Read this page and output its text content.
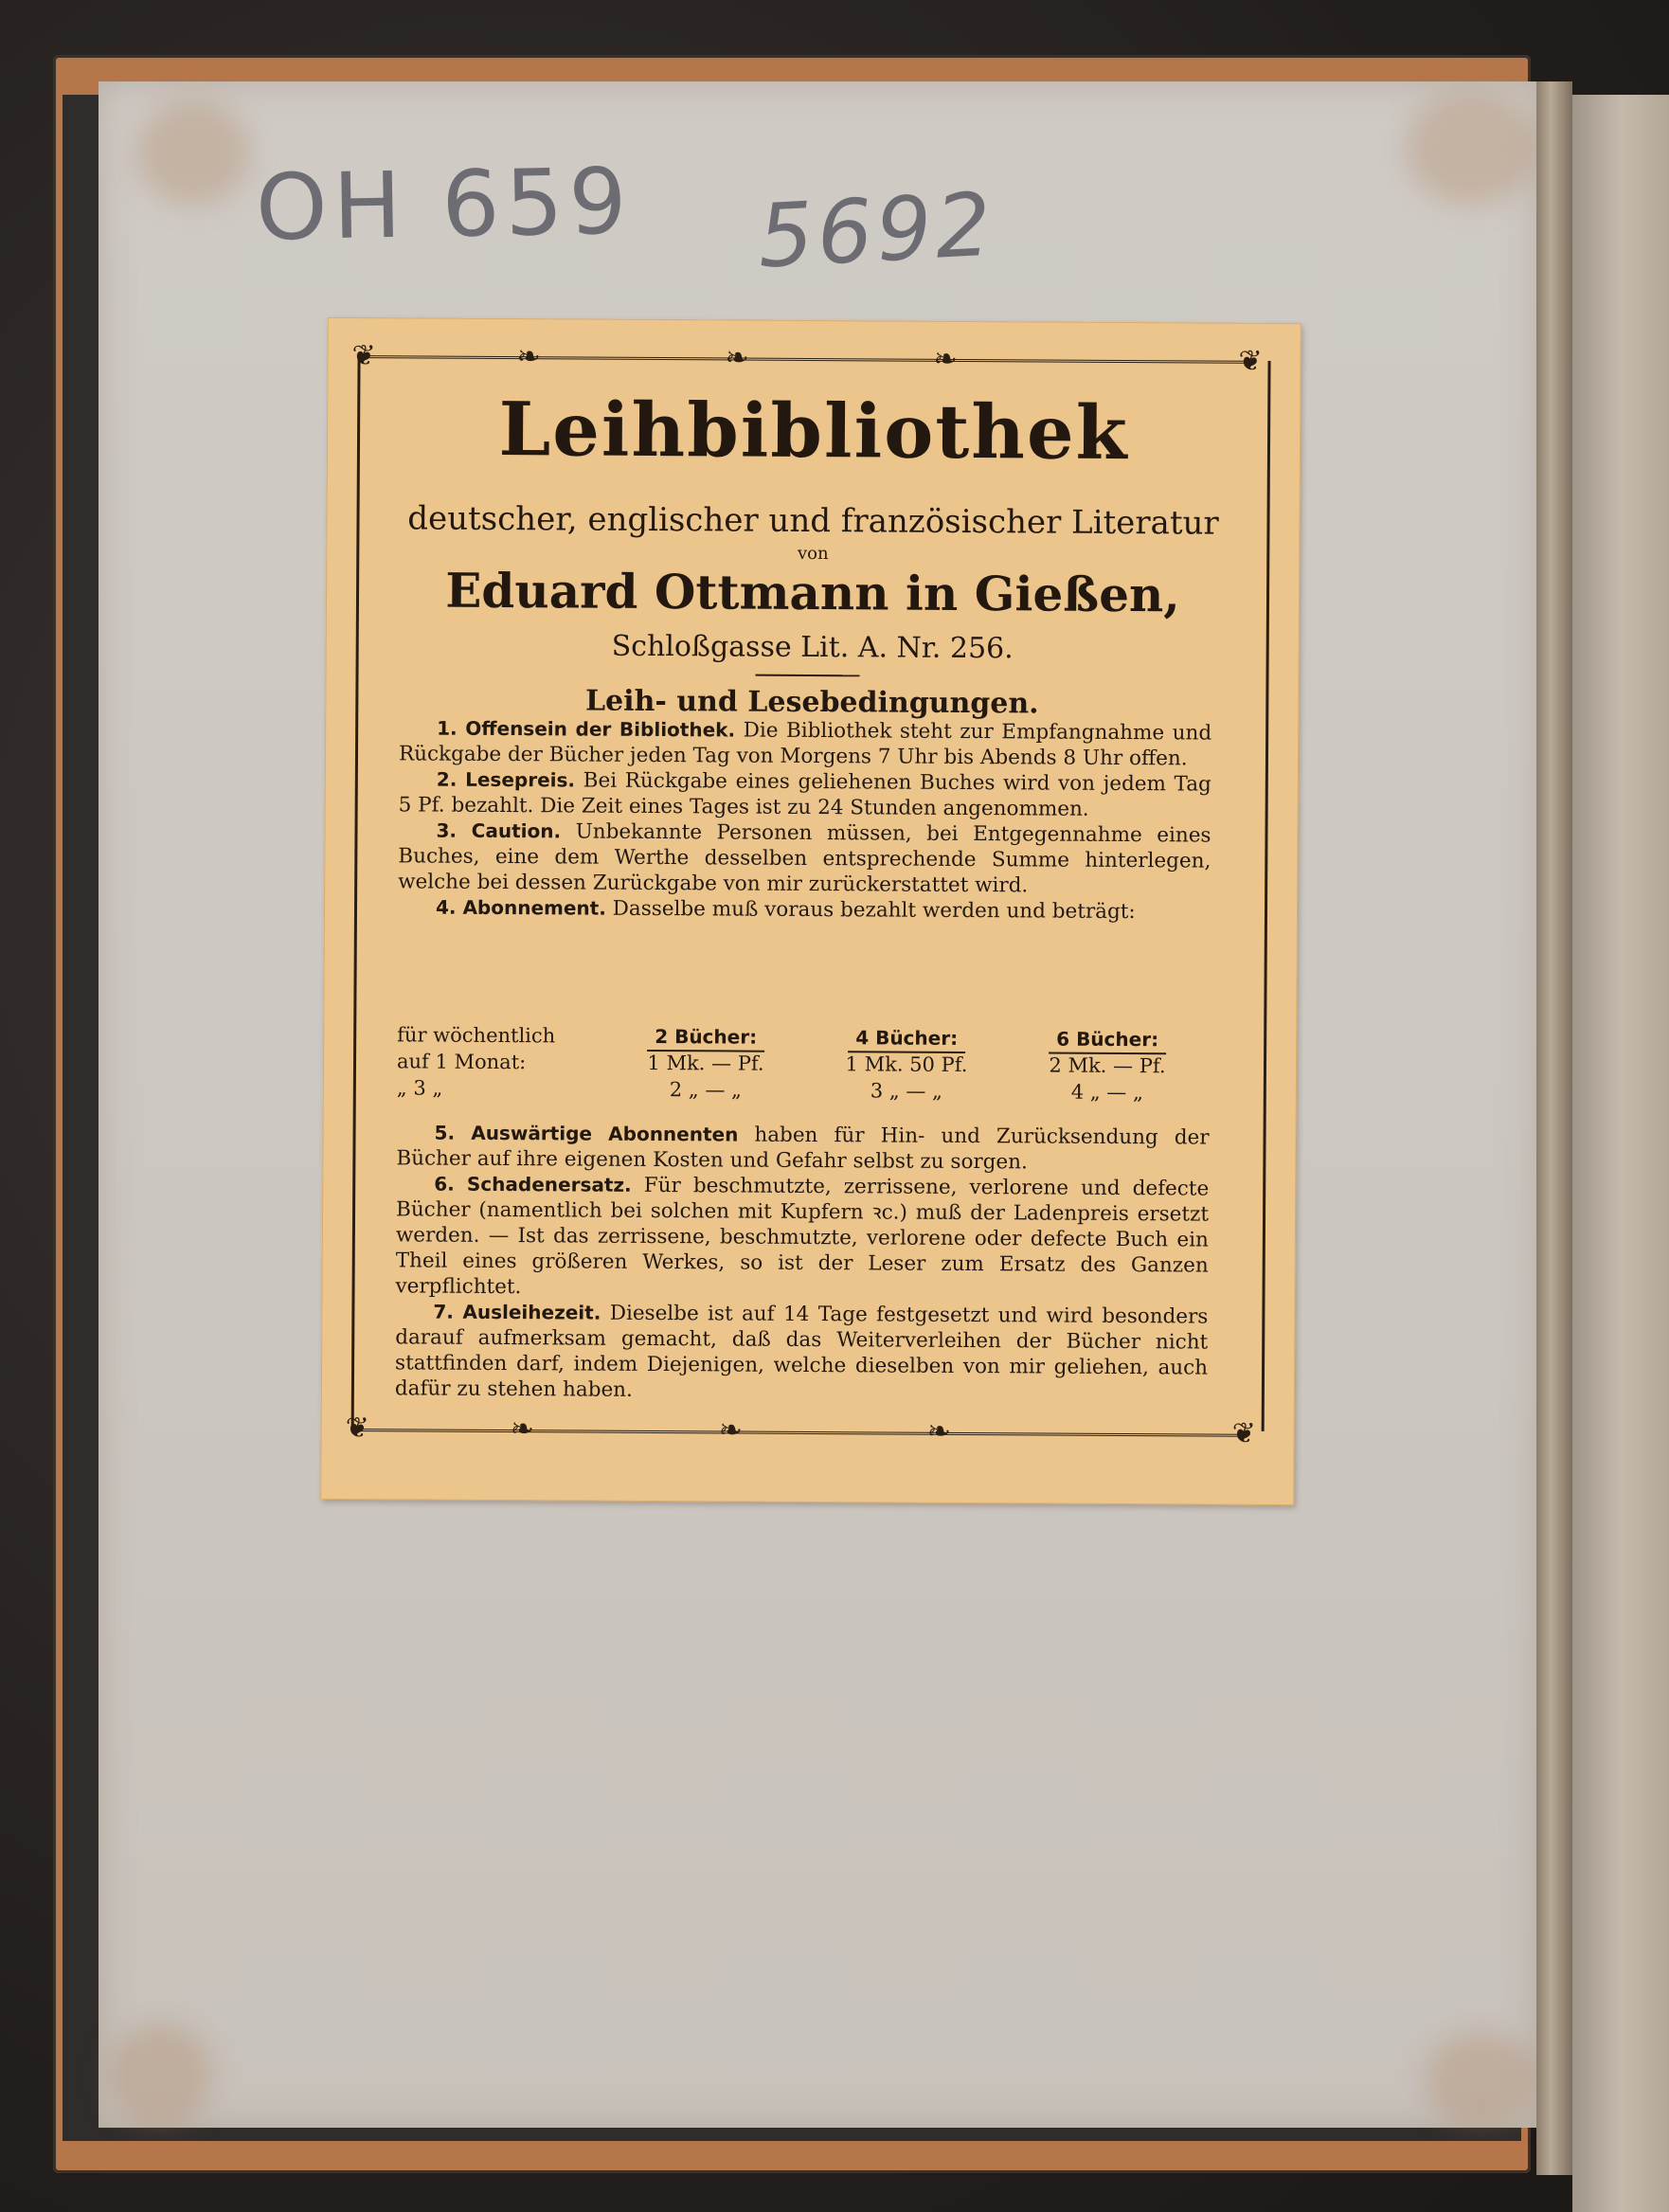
OH 659 5692
❦	❦
❦	❦
❧	❧	❧
❧	❧	❧
Leihbibliothek
deutscher, englischer und französischer Literatur
von
Eduard Ottmann in Gießen,
Schloßgasse Lit. A. Nr. 256.
Leih- und Lesebedingungen.

1. Offensein der Bibliothek. Die Bibliothek steht zur Empfangnahme und Rückgabe der Bücher jeden Tag von Morgens 7 Uhr bis Abends 8 Uhr offen.

2. Lesepreis. Bei Rückgabe eines geliehenen Buches wird von jedem Tag 5 Pf. bezahlt. Die Zeit eines Tages ist zu 24 Stunden angenommen.

3. Caution. Unbekannte Personen müssen, bei Entgegennahme eines Buches, eine dem Werthe desselben entsprechende Summe hinterlegen, welche bei dessen Zurückgabe von mir zurückerstattet wird.

4. Abonnement. Dasselbe muß voraus bezahlt werden und beträgt:

für wöchentlich	2 Bücher:	4 Bücher:	6 Bücher:
auf 1 Monat:	1 Mk. — Pf.	1 Mk. 50 Pf.	2 Mk. — Pf.
„ 3 „	2 „ — „	3 „ — „	4 „ — „

5. Auswärtige Abonnenten haben für Hin- und Zurücksendung der Bücher auf ihre eigenen Kosten und Gefahr selbst zu sorgen.

6. Schadenersatz. Für beschmutzte, zerrissene, verlorene und defecte Bücher (namentlich bei solchen mit Kupfern ꝛc.) muß der Ladenpreis ersetzt werden. — Ist das zerrissene, beschmutzte, verlorene oder defecte Buch ein Theil eines größeren Werkes, so ist der Leser zum Ersatz des Ganzen verpflichtet.

7. Ausleihezeit. Dieselbe ist auf 14 Tage festgesetzt und wird besonders darauf aufmerksam gemacht, daß das Weiterverleihen der Bücher nicht stattfinden darf, indem Diejenigen, welche dieselben von mir geliehen, auch dafür zu stehen haben.
